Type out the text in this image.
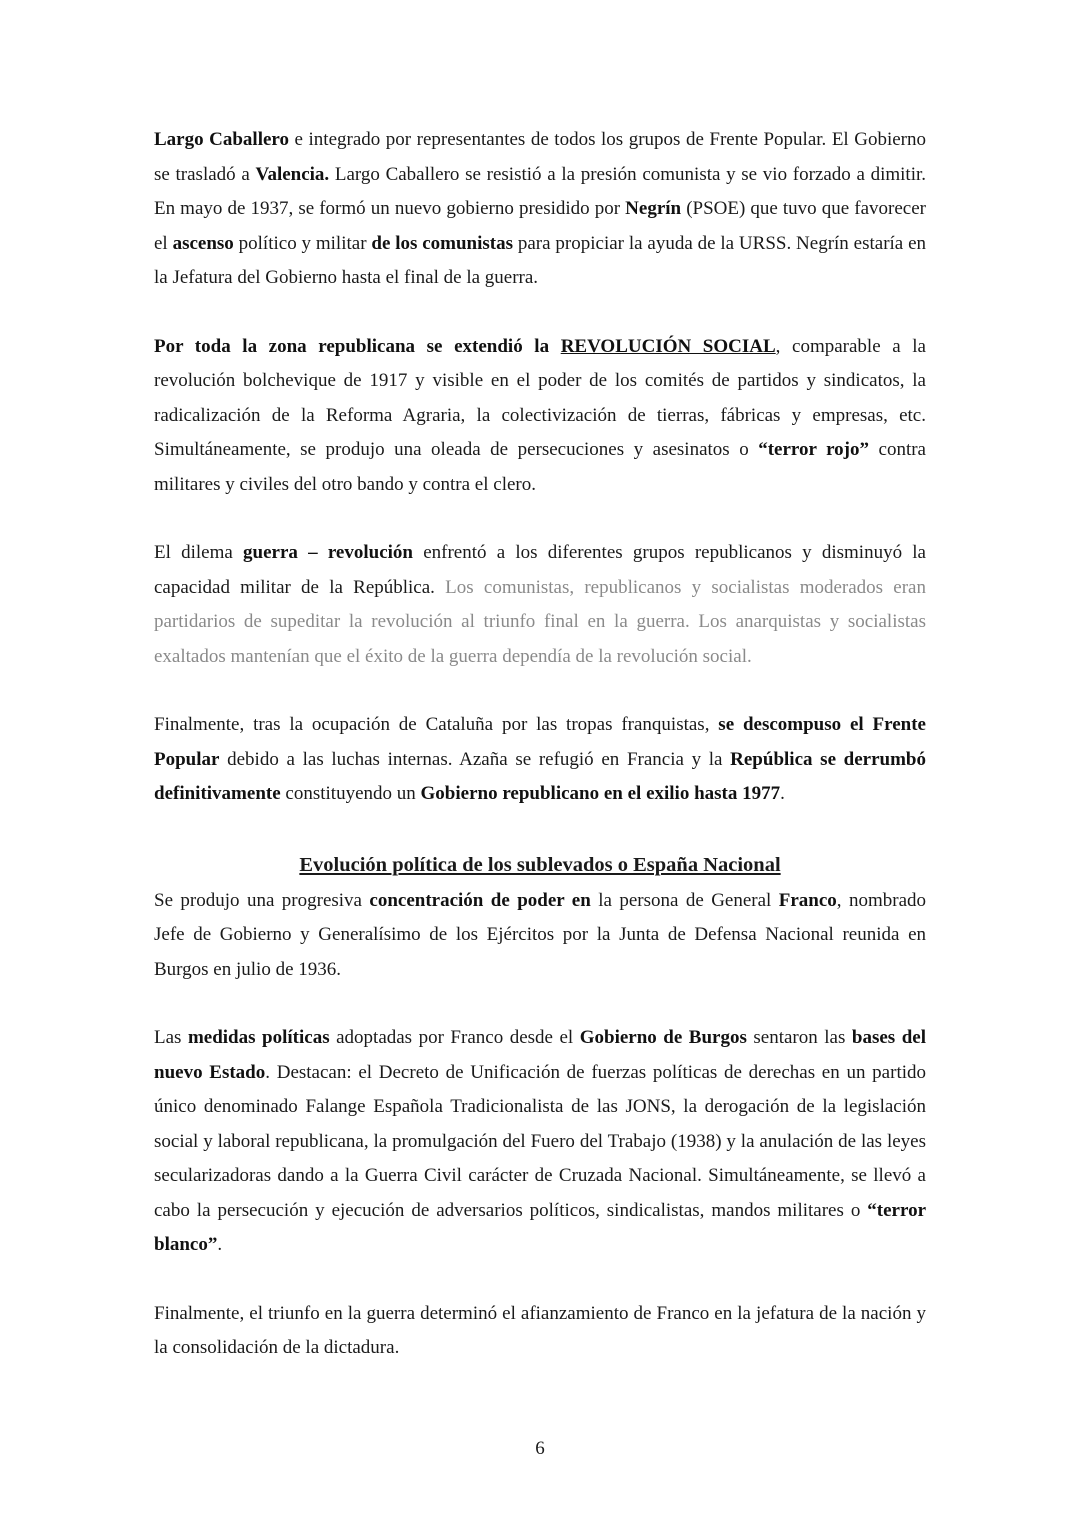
Largo Caballero e integrado por representantes de todos los grupos de Frente Popular. El Gobierno se trasladó a Valencia. Largo Caballero se resistió a la presión comunista y se vio forzado a dimitir. En mayo de 1937, se formó un nuevo gobierno presidido por Negrín (PSOE) que tuvo que favorecer el ascenso político y militar de los comunistas para propiciar la ayuda de la URSS. Negrín estaría en la Jefatura del Gobierno hasta el final de la guerra.

Por toda la zona republicana se extendió la REVOLUCIÓN SOCIAL, comparable a la revolución bolchevique de 1917 y visible en el poder de los comités de partidos y sindicatos, la radicalización de la Reforma Agraria, la colectivización de tierras, fábricas y empresas, etc. Simultáneamente, se produjo una oleada de persecuciones y asesinatos o “terror rojo” contra militares y civiles del otro bando y contra el clero.

El dilema guerra – revolución enfrentó a los diferentes grupos republicanos y disminuyó la capacidad militar de la República. Los comunistas, republicanos y socialistas moderados eran partidarios de supeditar la revolución al triunfo final en la guerra. Los anarquistas y socialistas exaltados mantenían que el éxito de la guerra dependía de la revolución social.

Finalmente, tras la ocupación de Cataluña por las tropas franquistas, se descompuso el Frente Popular debido a las luchas internas. Azaña se refugió en Francia y la República se derrumbó definitivamente constituyendo un Gobierno republicano en el exilio hasta 1977.

Evolución política de los sublevados o España Nacional

Se produjo una progresiva concentración de poder en la persona de General Franco, nombrado Jefe de Gobierno y Generalísimo de los Ejércitos por la Junta de Defensa Nacional reunida en Burgos en julio de 1936.

Las medidas políticas adoptadas por Franco desde el Gobierno de Burgos sentaron las bases del nuevo Estado. Destacan: el Decreto de Unificación de fuerzas políticas de derechas en un partido único denominado Falange Española Tradicionalista de las JONS, la derogación de la legislación social y laboral republicana, la promulgación del Fuero del Trabajo (1938) y la anulación de las leyes secularizadoras dando a la Guerra Civil carácter de Cruzada Nacional. Simultáneamente, se llevó a cabo la persecución y ejecución de adversarios políticos, sindicalistas, mandos militares o “terror blanco”.

Finalmente, el triunfo en la guerra determinó el afianzamiento de Franco en la jefatura de la nación y la consolidación de la dictadura.

6
